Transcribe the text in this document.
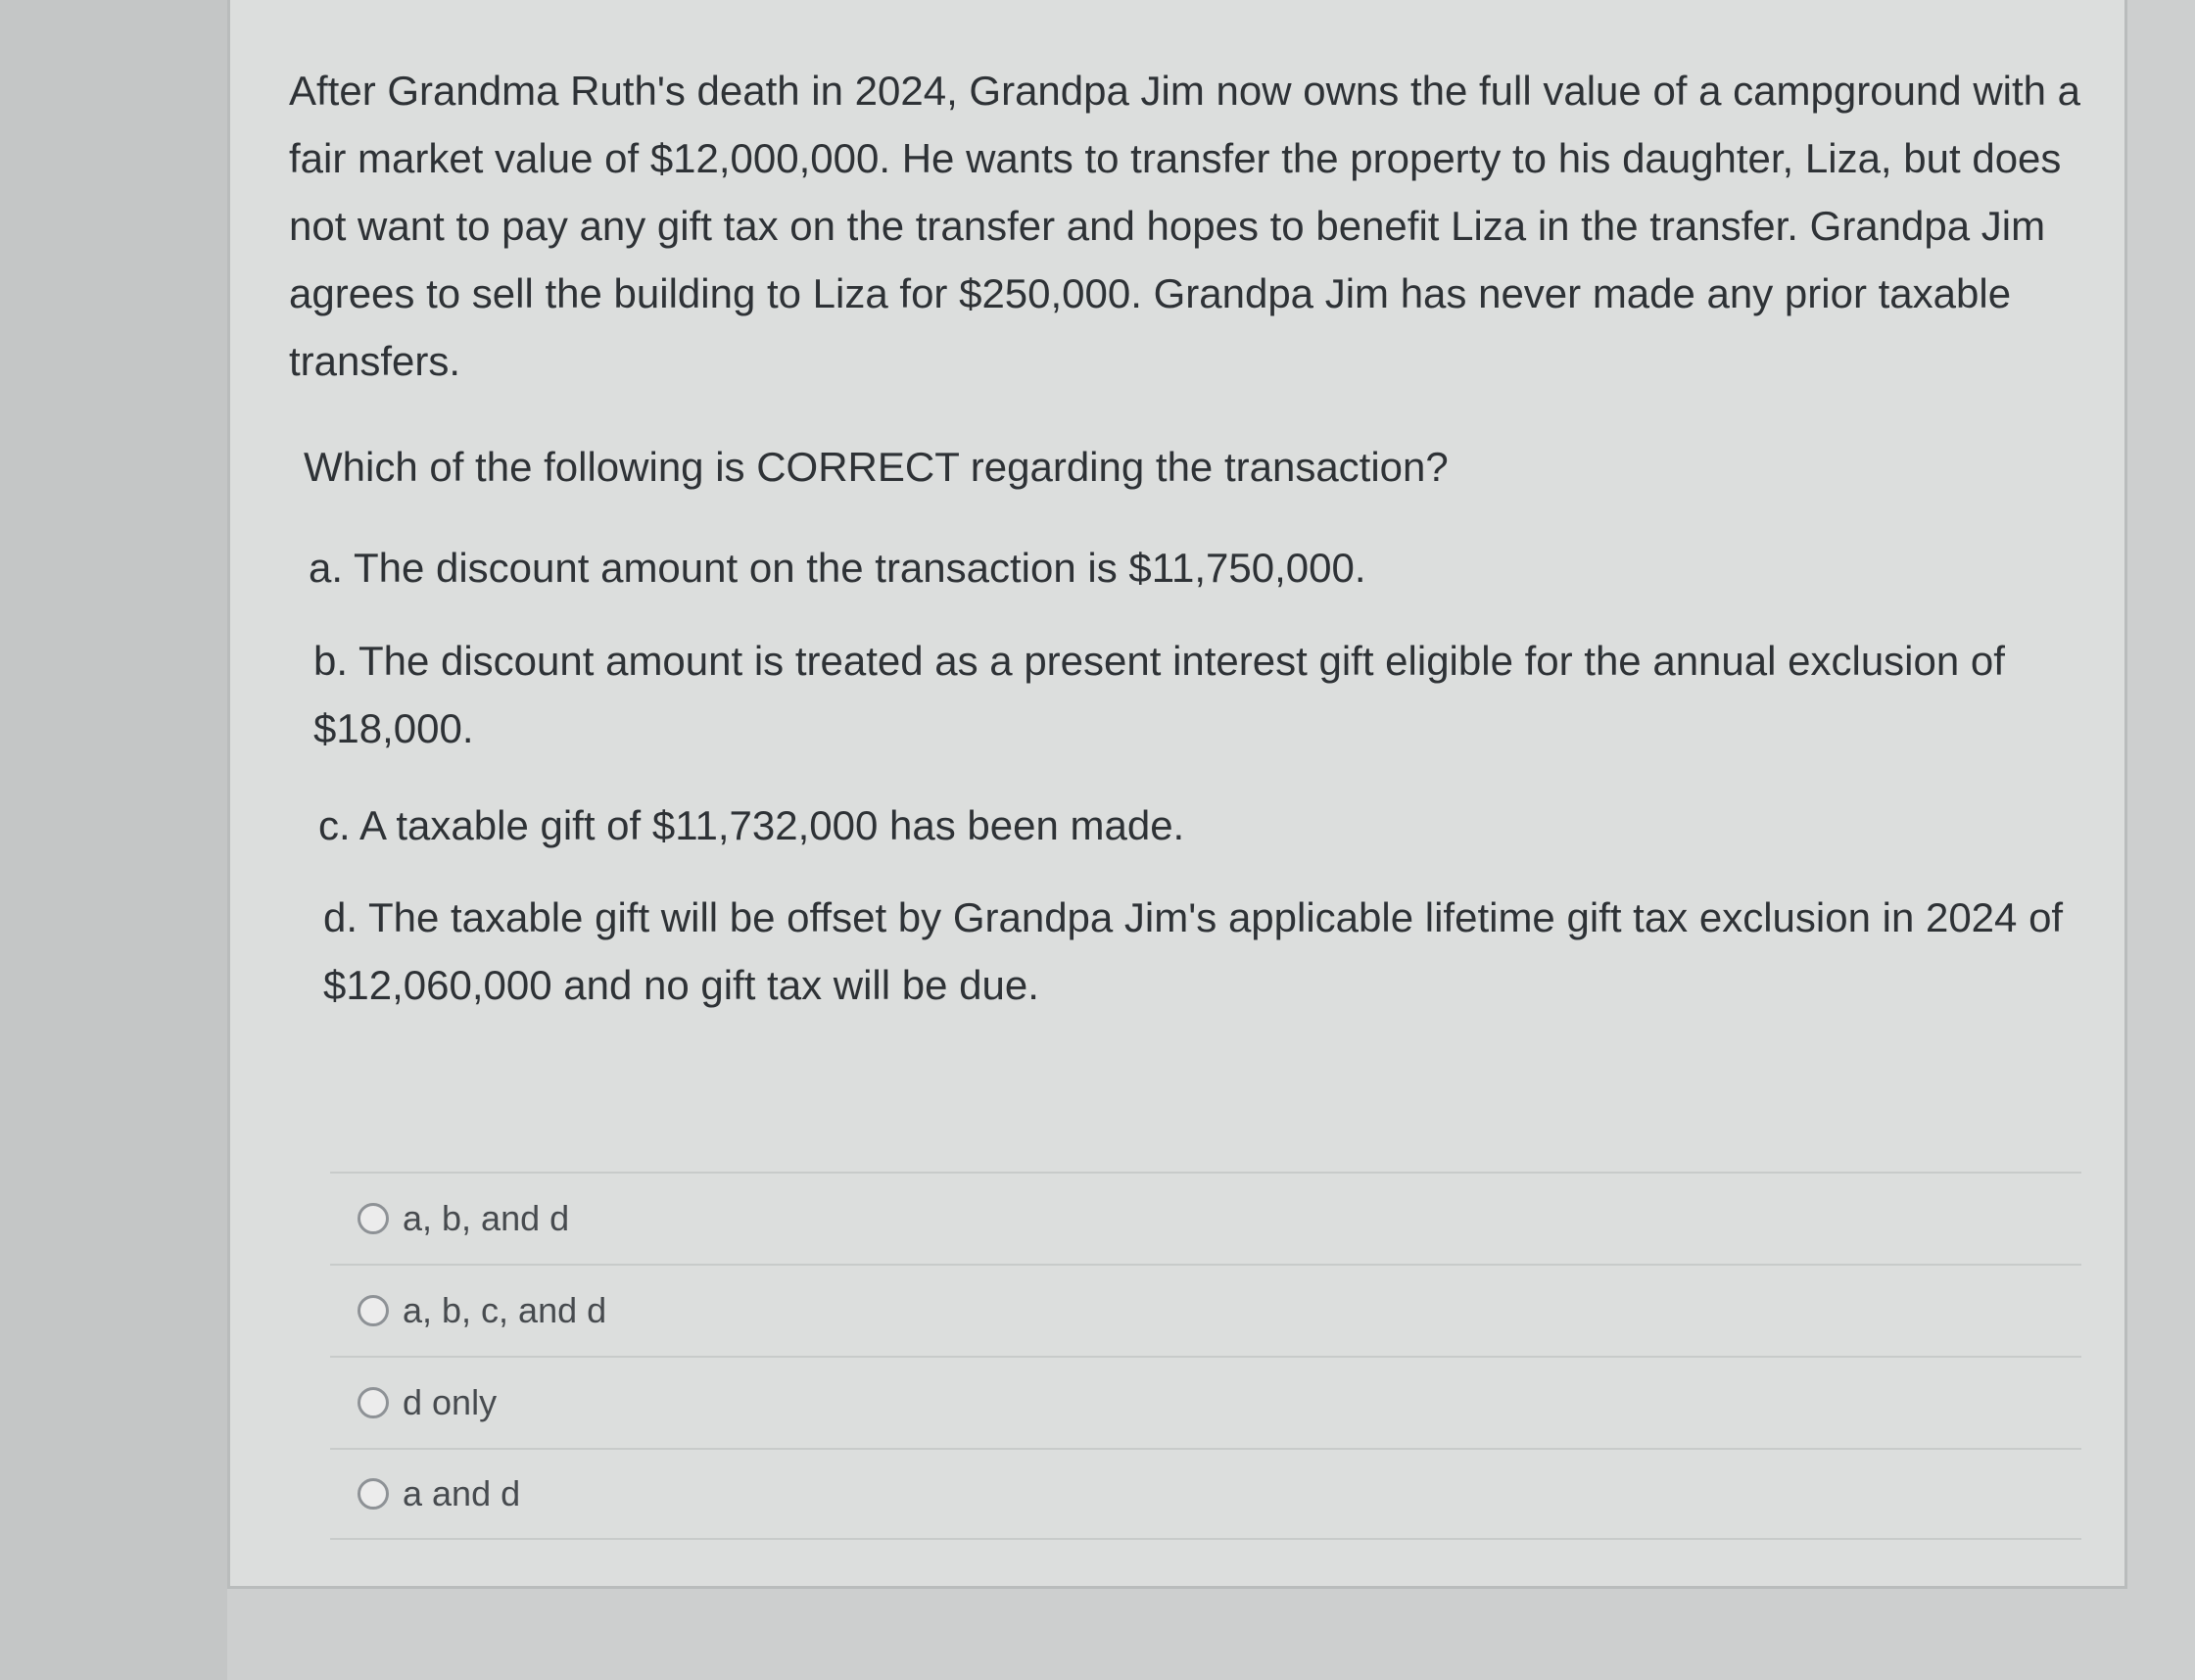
After Grandma Ruth's death in 2024, Grandpa Jim now owns the full value of a campground with a fair market value of $12,000,000. He wants to transfer the property to his daughter, Liza, but does not want to pay any gift tax on the transfer and hopes to benefit Liza in the transfer. Grandpa Jim agrees to sell the building to Liza for $250,000. Grandpa Jim has never made any prior taxable transfers.

Which of the following is CORRECT regarding the transaction?

a. The discount amount on the transaction is $11,750,000.

b. The discount amount is treated as a present interest gift eligible for the annual exclusion of $18,000.

c. A taxable gift of $11,732,000 has been made.

d. The taxable gift will be offset by Grandpa Jim's applicable lifetime gift tax exclusion in 2024 of $12,060,000 and no gift tax will be due.

a, b, and d
a, b, c, and d
d only
a and d
